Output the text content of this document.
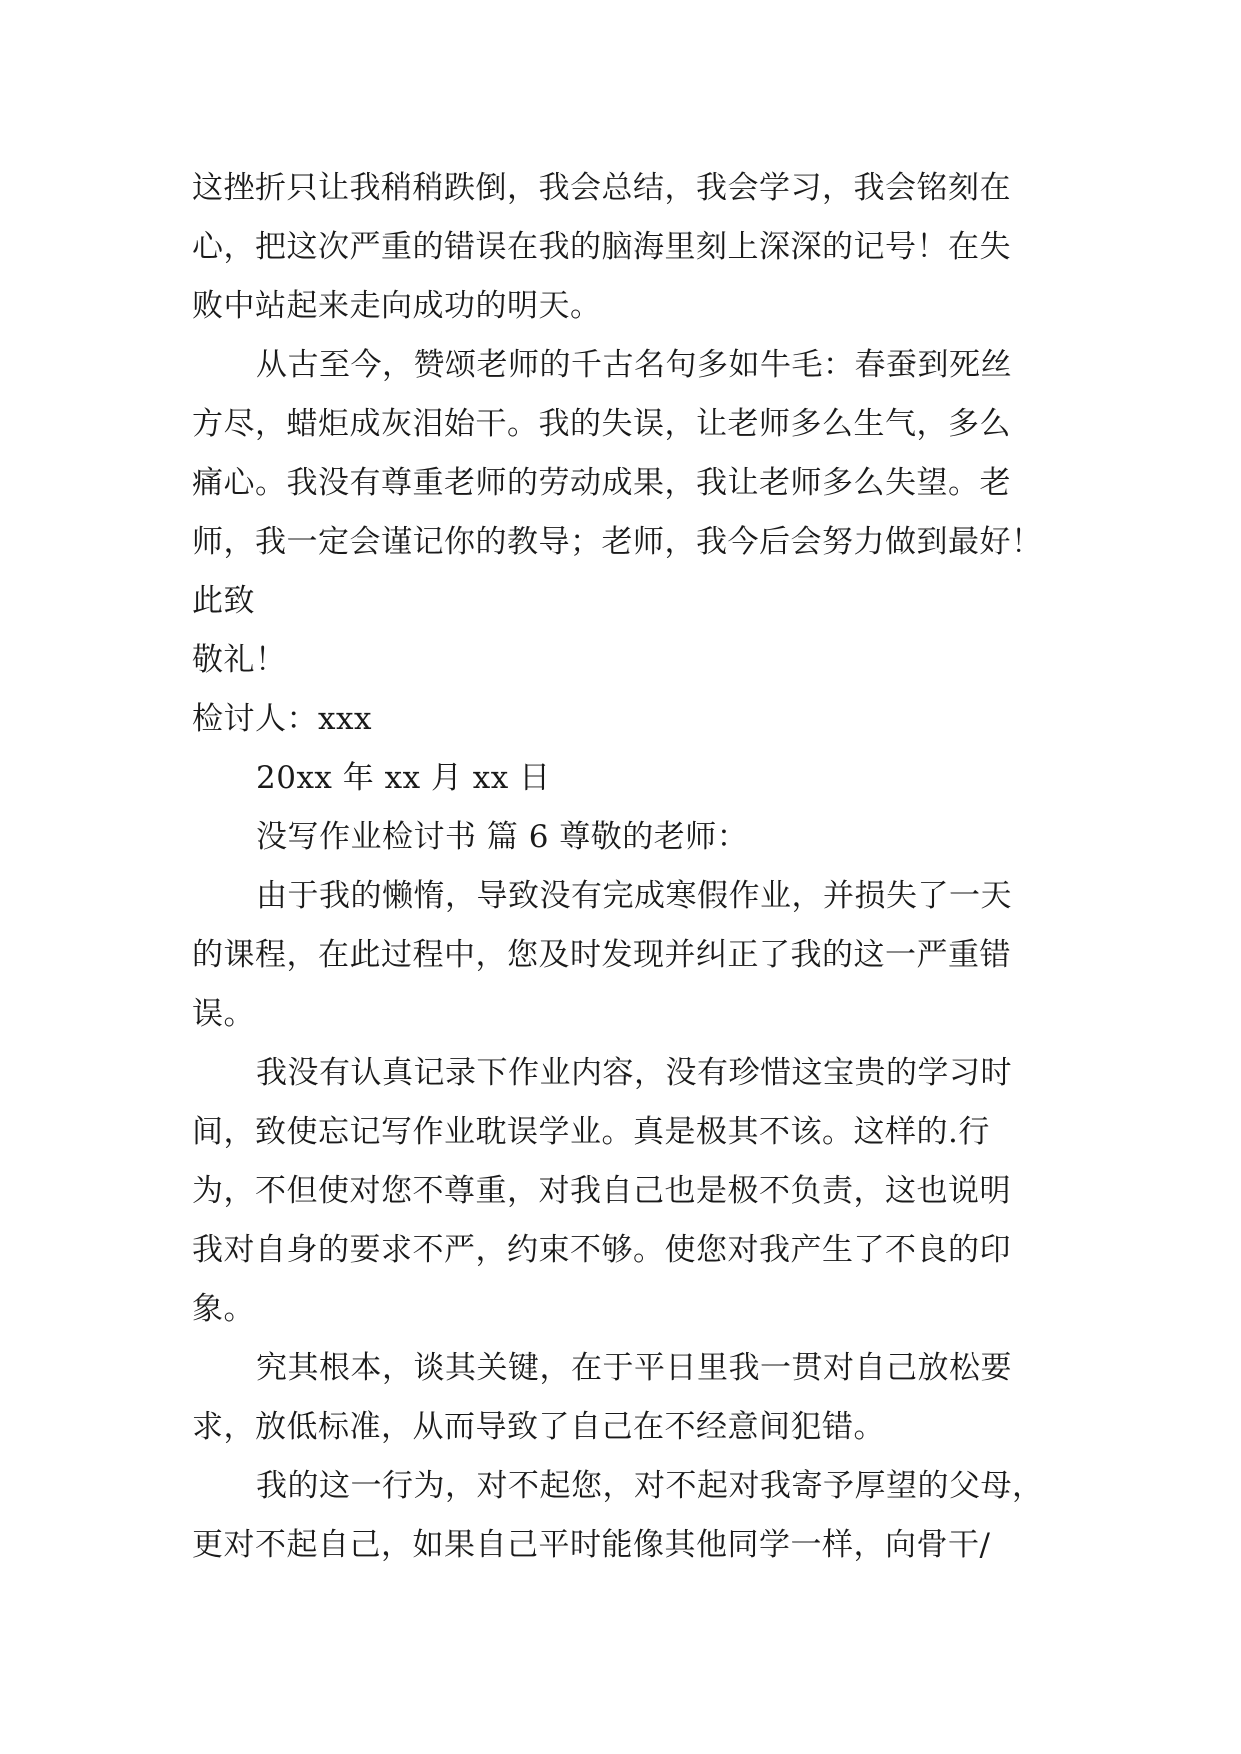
这挫折只让我稍稍跌倒，我会总结，我会学习，我会铭刻在
心，把这次严重的错误在我的脑海里刻上深深的记号！在失
败中站起来走向成功的明天。
从古至今，赞颂老师的千古名句多如牛毛：春蚕到死丝
方尽，蜡炬成灰泪始干。我的失误，让老师多么生气，多么
痛心。我没有尊重老师的劳动成果，我让老师多么失望。老
师，我一定会谨记你的教导；老师，我今后会努力做到最好！
此致
敬礼！
检讨人：xxx
20xx 年 xx 月 xx 日
没写作业检讨书 篇 6 尊敬的老师：
由于我的懒惰，导致没有完成寒假作业，并损失了一天
的课程，在此过程中，您及时发现并纠正了我的这一严重错
误。
我没有认真记录下作业内容，没有珍惜这宝贵的学习时
间，致使忘记写作业耽误学业。真是极其不该。这样的.行
为，不但使对您不尊重，对我自己也是极不负责，这也说明
我对自身的要求不严，约束不够。使您对我产生了不良的印
象。
究其根本，谈其关键，在于平日里我一贯对自己放松要
求，放低标准，从而导致了自己在不经意间犯错。
我的这一行为，对不起您，对不起对我寄予厚望的父母，
更对不起自己，如果自己平时能像其他同学一样，向骨干/
